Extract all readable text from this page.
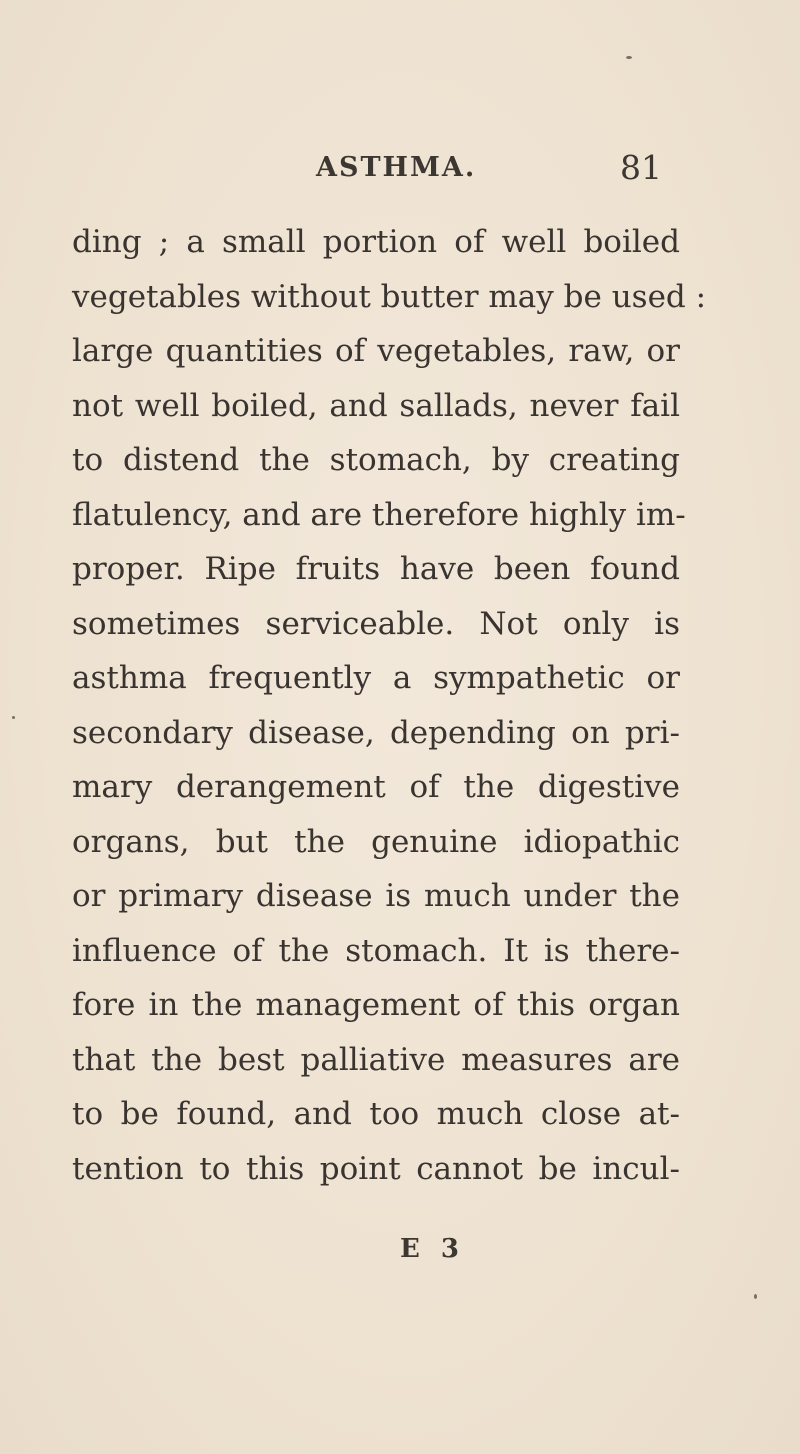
ASTHMA.	81
ding ; a small portion of well boiled
vegetables without butter may be used :
large quantities of vegetables, raw, or
not well boiled, and sallads, never fail
to distend the stomach, by creating
flatulency, and are therefore highly im-
proper. Ripe fruits have been found
sometimes serviceable. Not only is
asthma frequently a sympathetic or
secondary disease, depending on pri-
mary derangement of the digestive
organs, but the genuine idiopathic
or primary disease is much under the
influence of the stomach. It is there-
fore in the management of this organ
that the best palliative measures are
to be found, and too much close at-
tention to this point cannot be incul-
E 3
